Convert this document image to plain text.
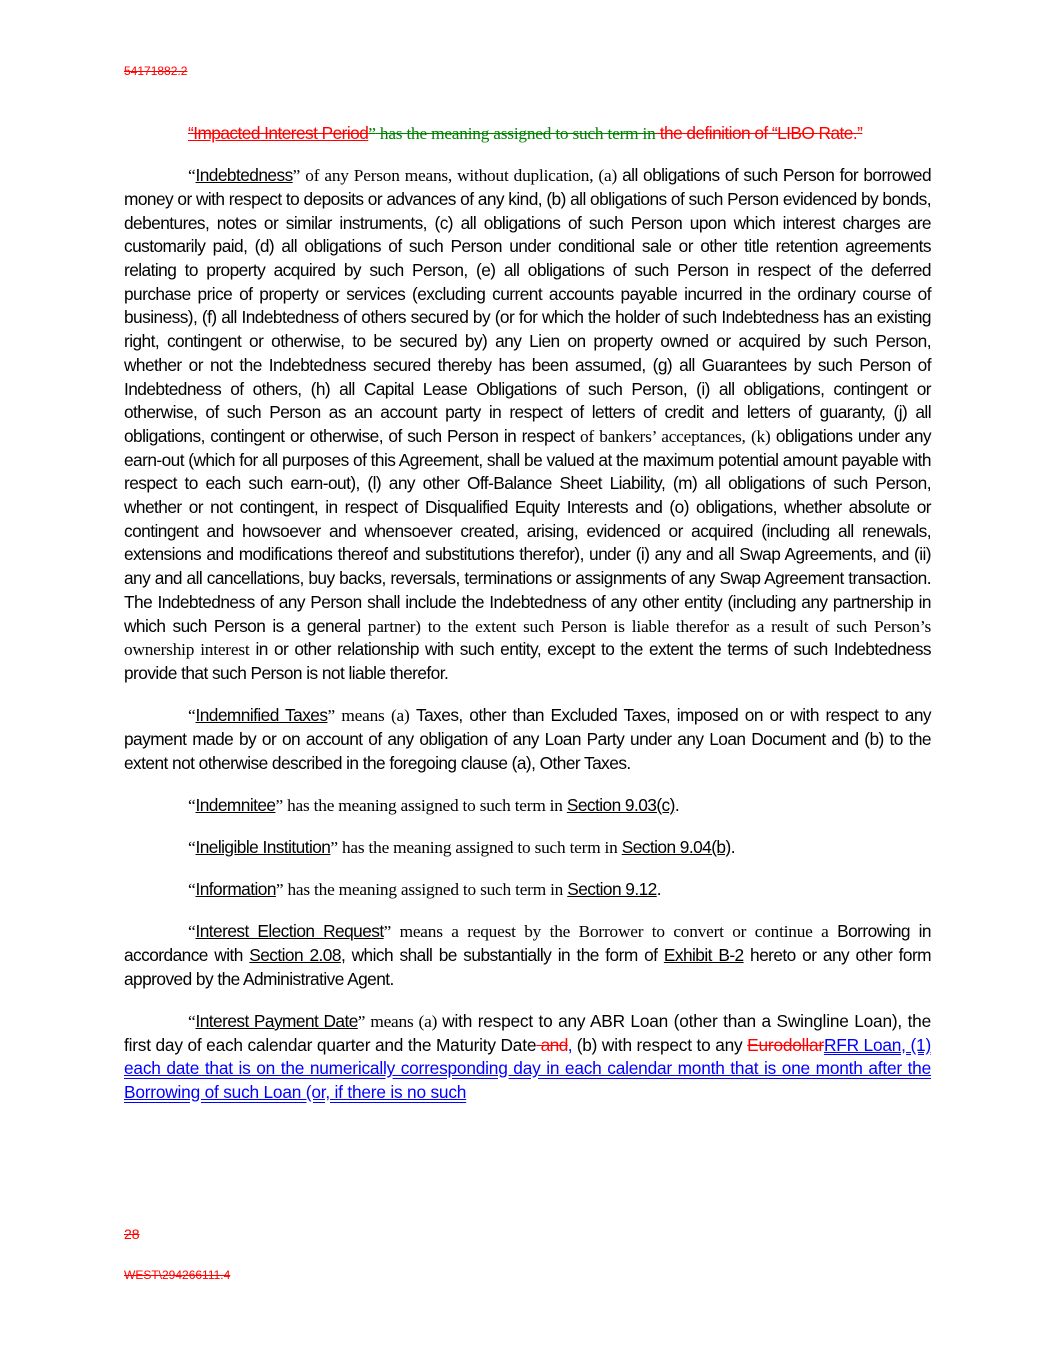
54171882.2

“Impacted Interest Period” has the meaning assigned to such term in the definition of “LIBO Rate.”

“Indebtedness” of any Person means, without duplication, (a) all obligations of such Person for borrowed money or with respect to deposits or advances of any kind, (b) all obligations of such Person evidenced by bonds, debentures, notes or similar instruments, (c) all obligations of such Person upon which interest charges are customarily paid, (d) all obligations of such Person under conditional sale or other title retention agreements relating to property acquired by such Person, (e) all obligations of such Person in respect of the deferred purchase price of property or services (excluding current accounts payable incurred in the ordinary course of business), (f) all Indebtedness of others secured by (or for which the holder of such Indebtedness has an existing right, contingent or otherwise, to be secured by) any Lien on property owned or acquired by such Person, whether or not the Indebtedness secured thereby has been assumed, (g) all Guarantees by such Person of Indebtedness of others, (h) all Capital Lease Obligations of such Person, (i) all obligations, contingent or otherwise, of such Person as an account party in respect of letters of credit and letters of guaranty, (j) all obligations, contingent or otherwise, of such Person in respect of bankers’ acceptances, (k) obligations under any earn-out (which for all purposes of this Agreement, shall be valued at the maximum potential amount payable with respect to each such earn-out), (l) any other Off-Balance Sheet Liability, (m) all obligations of such Person, whether or not contingent, in respect of Disqualified Equity Interests and (o) obligations, whether absolute or contingent and howsoever and whensoever created, arising, evidenced or acquired (including all renewals, extensions and modifications thereof and substitutions therefor), under (i) any and all Swap Agreements, and (ii) any and all cancellations, buy backs, reversals, terminations or assignments of any Swap Agreement transaction. The Indebtedness of any Person shall include the Indebtedness of any other entity (including any partnership in which such Person is a general partner) to the extent such Person is liable therefor as a result of such Person’s ownership interest in or other relationship with such entity, except to the extent the terms of such Indebtedness provide that such Person is not liable therefor.

“Indemnified Taxes” means (a) Taxes, other than Excluded Taxes, imposed on or with respect to any payment made by or on account of any obligation of any Loan Party under any Loan Document and (b) to the extent not otherwise described in the foregoing clause (a), Other Taxes.

“Indemnitee” has the meaning assigned to such term in Section 9.03(c).

“Ineligible Institution” has the meaning assigned to such term in Section 9.04(b).

“Information” has the meaning assigned to such term in Section 9.12.

“Interest Election Request” means a request by the Borrower to convert or continue a Borrowing in accordance with Section 2.08, which shall be substantially in the form of Exhibit B-2 hereto or any other form approved by the Administrative Agent.

“Interest Payment Date” means (a) with respect to any ABR Loan (other than a Swingline Loan), the first day of each calendar quarter and the Maturity Date and, (b) with respect to any EurodollarRFR Loan, (1) each date that is on the numerically corresponding day in each calendar month that is one month after the Borrowing of such Loan (or, if there is no such

28
WEST\294266111.4
